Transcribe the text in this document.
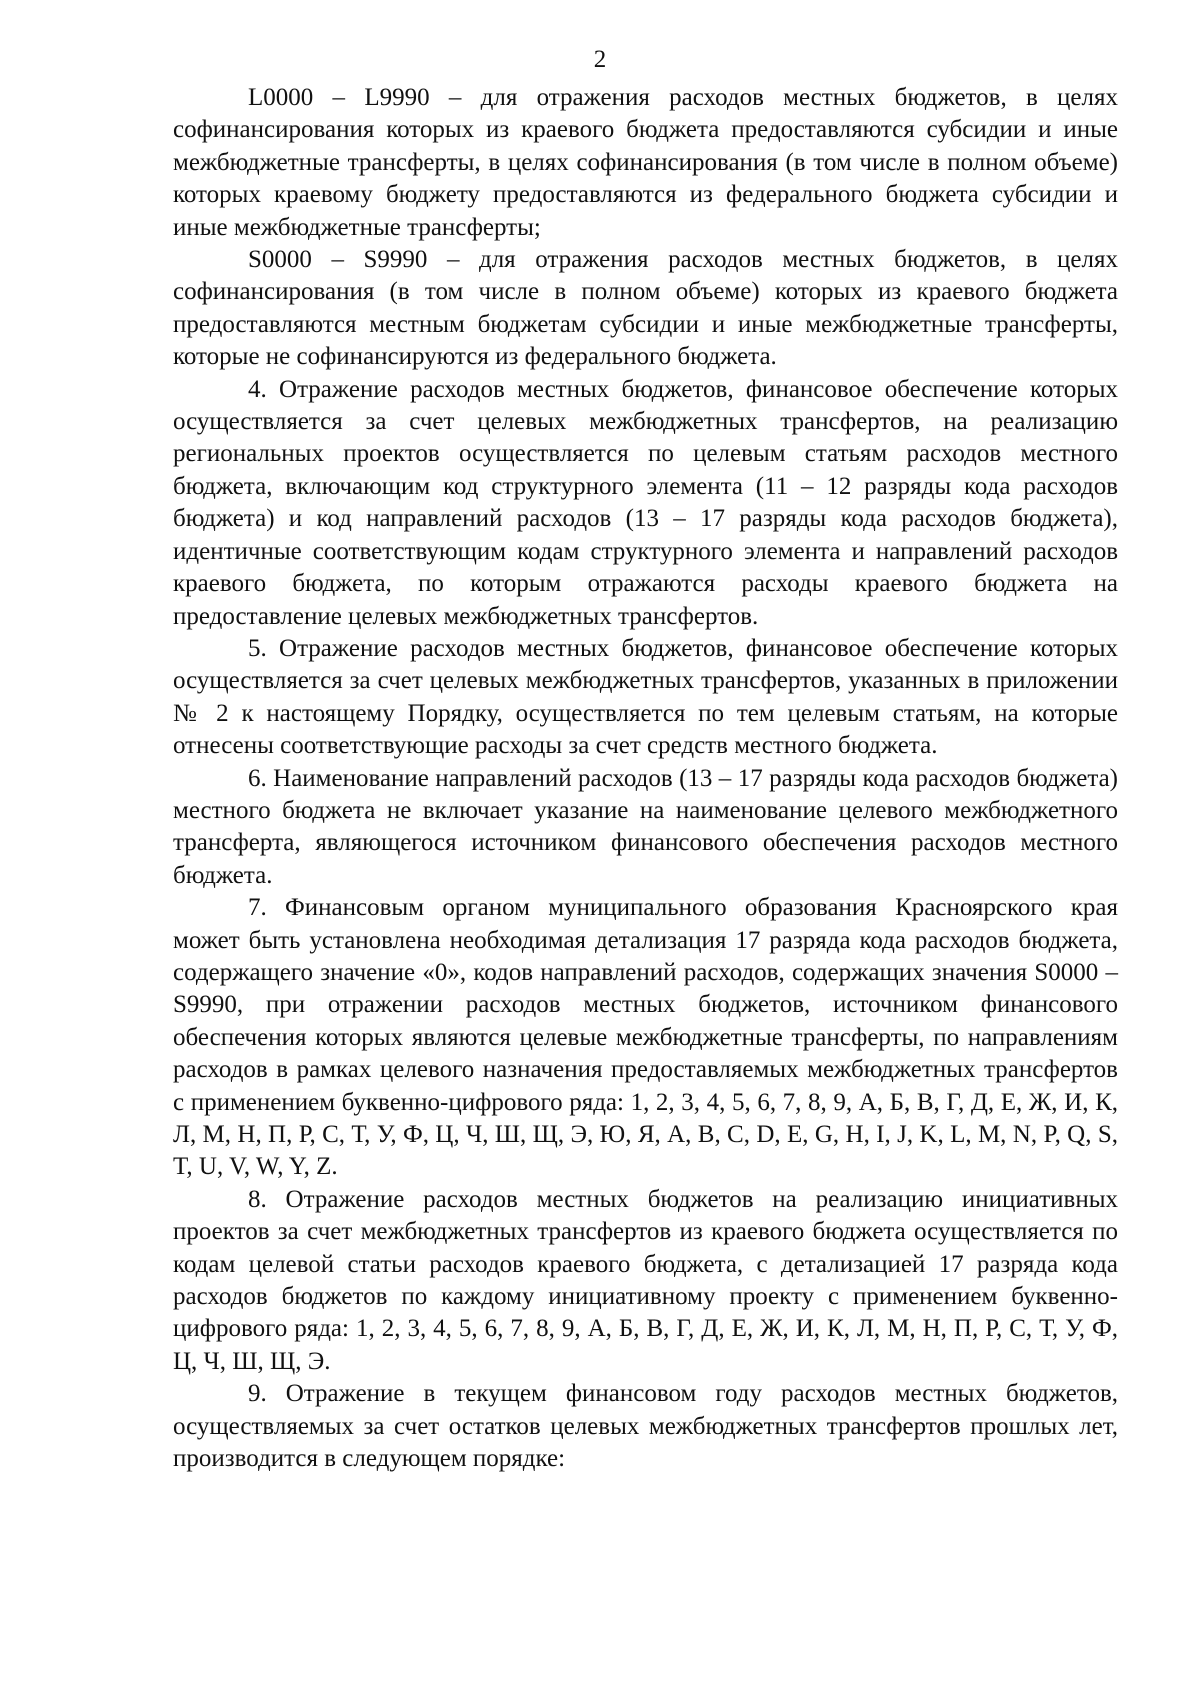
2

L0000 – L9990 – для отражения расходов местных бюджетов, в целях софинансирования которых из краевого бюджета предоставляются субсидии и иные межбюджетные трансферты, в целях софинансирования (в том числе в полном объеме) которых краевому бюджету предоставляются из федерального бюджета субсидии и иные межбюджетные трансферты;

S0000 – S9990 – для отражения расходов местных бюджетов, в целях софинансирования (в том числе в полном объеме) которых из краевого бюджета предоставляются местным бюджетам субсидии и иные межбюджетные трансферты, которые не софинансируются из федерального бюджета.

4. Отражение расходов местных бюджетов, финансовое обеспечение которых осуществляется за счет целевых межбюджетных трансфертов, на реализацию региональных проектов осуществляется по целевым статьям расходов местного бюджета, включающим код структурного элемента (11 – 12 разряды кода расходов бюджета) и код направлений расходов (13 – 17 разряды кода расходов бюджета), идентичные соответствующим кодам структурного элемента и направлений расходов краевого бюджета, по которым отражаются расходы краевого бюджета на предоставление целевых межбюджетных трансфертов.

5. Отражение расходов местных бюджетов, финансовое обеспечение которых осуществляется за счет целевых межбюджетных трансфертов, указанных в приложении № 2 к настоящему Порядку, осуществляется по тем целевым статьям, на которые отнесены соответствующие расходы за счет средств местного бюджета.

6. Наименование направлений расходов (13 – 17 разряды кода расходов бюджета) местного бюджета не включает указание на наименование целевого межбюджетного трансферта, являющегося источником финансового обеспечения расходов местного бюджета.

7. Финансовым органом муниципального образования Красноярского края может быть установлена необходимая детализация 17 разряда кода расходов бюджета, содержащего значение «0», кодов направлений расходов, содержащих значения S0000 – S9990, при отражении расходов местных бюджетов, источником финансового обеспечения которых являются целевые межбюджетные трансферты, по направлениям расходов в рамках целевого назначения предоставляемых межбюджетных трансфертов с применением буквенно-цифрового ряда: 1, 2, 3, 4, 5, 6, 7, 8, 9, А, Б, В, Г, Д, Е, Ж, И, К, Л, М, Н, П, Р, С, Т, У, Ф, Ц, Ч, Ш, Щ, Э, Ю, Я, A, B, C, D, E, G, H, I, J, K, L, M, N, P, Q, S, T, U, V, W, Y, Z.

8. Отражение расходов местных бюджетов на реализацию инициативных проектов за счет межбюджетных трансфертов из краевого бюджета осуществляется по кодам целевой статьи расходов краевого бюджета, с детализацией 17 разряда кода расходов бюджетов по каждому инициативному проекту с применением буквенно-цифрового ряда: 1, 2, 3, 4, 5, 6, 7, 8, 9, А, Б, В, Г, Д, Е, Ж, И, К, Л, М, Н, П, Р, С, Т, У, Ф, Ц, Ч, Ш, Щ, Э.

9. Отражение в текущем финансовом году расходов местных бюджетов, осуществляемых за счет остатков целевых межбюджетных трансфертов прошлых лет, производится в следующем порядке:
